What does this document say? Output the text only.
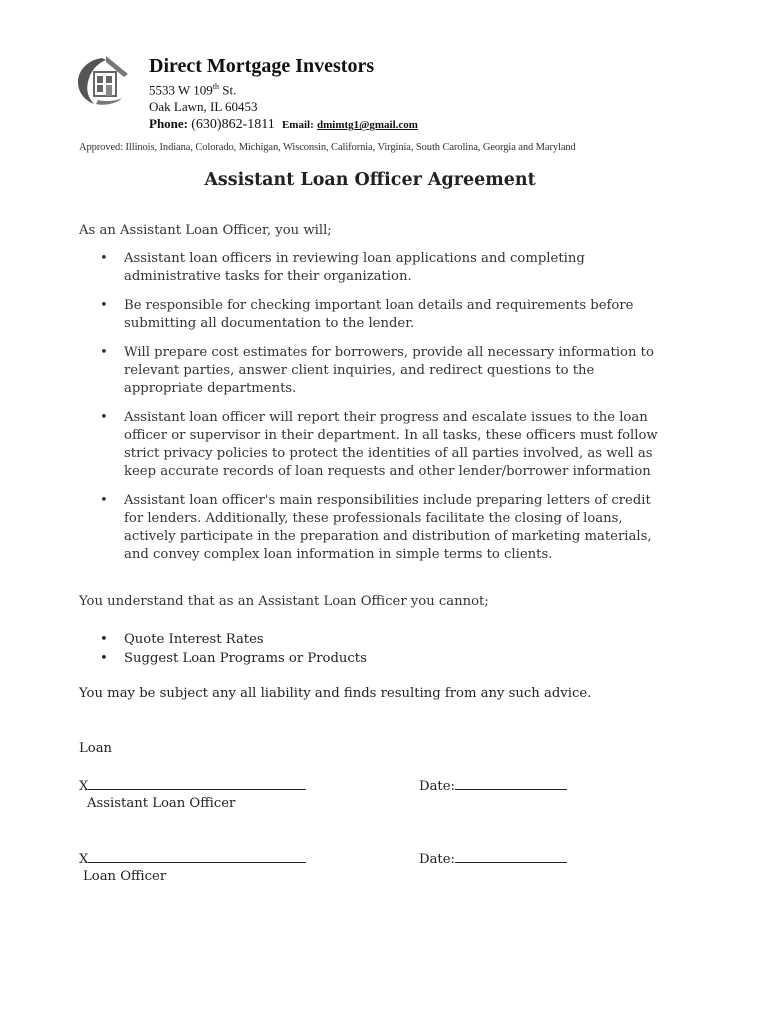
Direct Mortgage Investors
5533 W 109th St.
Oak Lawn, IL 60453
Phone: (630)862-1811 Email: dmimtg1@gmail.com
Approved: Illinois, Indiana, Colorado, Michigan, Wisconsin, California, Virginia, South Carolina, Georgia and Maryland
Assistant Loan Officer Agreement
As an Assistant Loan Officer, you will;
• Assistant loan officers in reviewing loan applications and completing administrative tasks for their organization.
• Be responsible for checking important loan details and requirements before submitting all documentation to the lender.
• Will prepare cost estimates for borrowers, provide all necessary information to relevant parties, answer client inquiries, and redirect questions to the appropriate departments.
• Assistant loan officer will report their progress and escalate issues to the loan officer or supervisor in their department. In all tasks, these officers must follow strict privacy policies to protect the identities of all parties involved, as well as keep accurate records of loan requests and other lender/borrower information
• Assistant loan officer's main responsibilities include preparing letters of credit for lenders. Additionally, these professionals facilitate the closing of loans, actively participate in the preparation and distribution of marketing materials, and convey complex loan information in simple terms to clients.
You understand that as an Assistant Loan Officer you cannot;
• Quote Interest Rates
• Suggest Loan Programs or Products
You may be subject any all liability and finds resulting from any such advice.
Loan
X	Date:
Assistant Loan Officer
X	Date:
Loan Officer
